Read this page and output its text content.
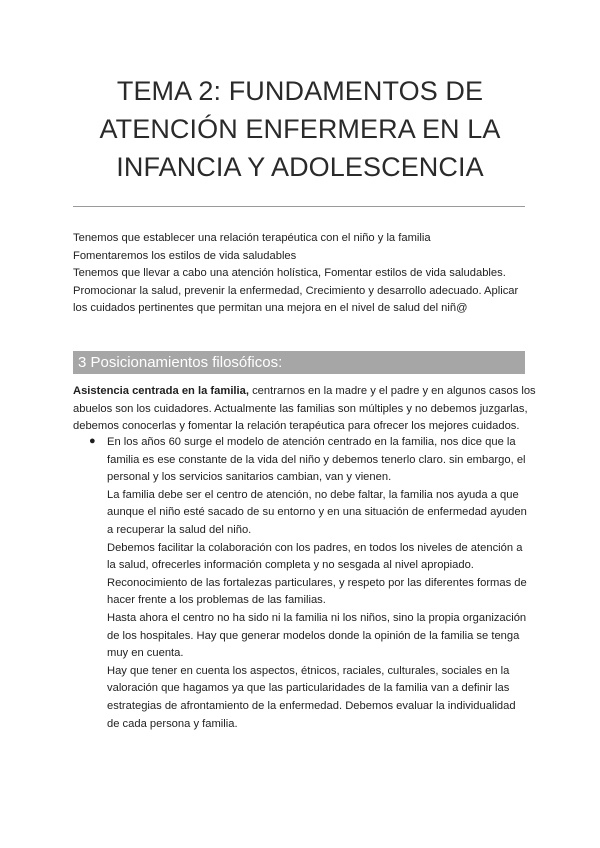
TEMA 2: FUNDAMENTOS DE
ATENCIÓN ENFERMERA EN LA
INFANCIA Y ADOLESCENCIA
Tenemos que establecer una relación terapéutica con el niño y la familia
Fomentaremos los estilos de vida saludables
Tenemos que llevar a cabo una atención holística, Fomentar estilos de vida saludables.
Promocionar la salud, prevenir la enfermedad, Crecimiento y desarrollo adecuado. Aplicar
los cuidados pertinentes que permitan una mejora en el nivel de salud del niñ@
3 Posicionamientos filosóficos:
Asistencia centrada en la familia, centrarnos en la madre y el padre y en algunos casos los
abuelos son los cuidadores. Actualmente las familias son múltiples y no debemos juzgarlas,
debemos conocerlas y fomentar la relación terapéutica para ofrecer los mejores cuidados.
● En los años 60 surge el modelo de atención centrado en la familia, nos dice que la
familia es ese constante de la vida del niño y debemos tenerlo claro. sin embargo, el
personal y los servicios sanitarios cambian, van y vienen.
La familia debe ser el centro de atención, no debe faltar, la familia nos ayuda a que
aunque el niño esté sacado de su entorno y en una situación de enfermedad ayuden
a recuperar la salud del niño.
Debemos facilitar la colaboración con los padres, en todos los niveles de atención a
la salud, ofrecerles información completa y no sesgada al nivel apropiado.
Reconocimiento de las fortalezas particulares, y respeto por las diferentes formas de
hacer frente a los problemas de las familias.
Hasta ahora el centro no ha sido ni la familia ni los niños, sino la propia organización
de los hospitales. Hay que generar modelos donde la opinión de la familia se tenga
muy en cuenta.
Hay que tener en cuenta los aspectos, étnicos, raciales, culturales, sociales en la
valoración que hagamos ya que las particularidades de la familia van a definir las
estrategias de afrontamiento de la enfermedad. Debemos evaluar la individualidad
de cada persona y familia.
